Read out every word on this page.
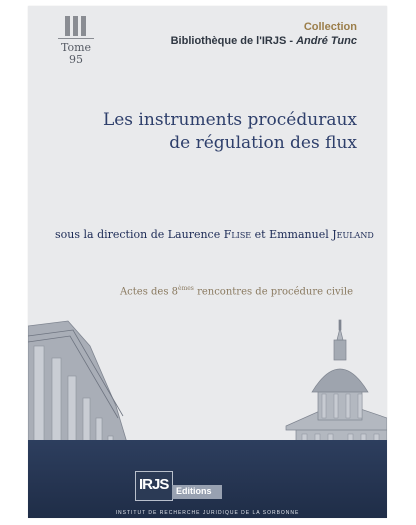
Tome
95
Collection
Bibliothèque de l'IRJS - André Tunc
Les instruments procéduraux
de régulation des flux
sous la direction de Laurence Flise et Emmanuel Jeuland
Actes des 8èmes rencontres de procédure civile
INSTITUT DE RECHERCHE JURIDIQUE DE LA SORBONNE
IRJS Editions
